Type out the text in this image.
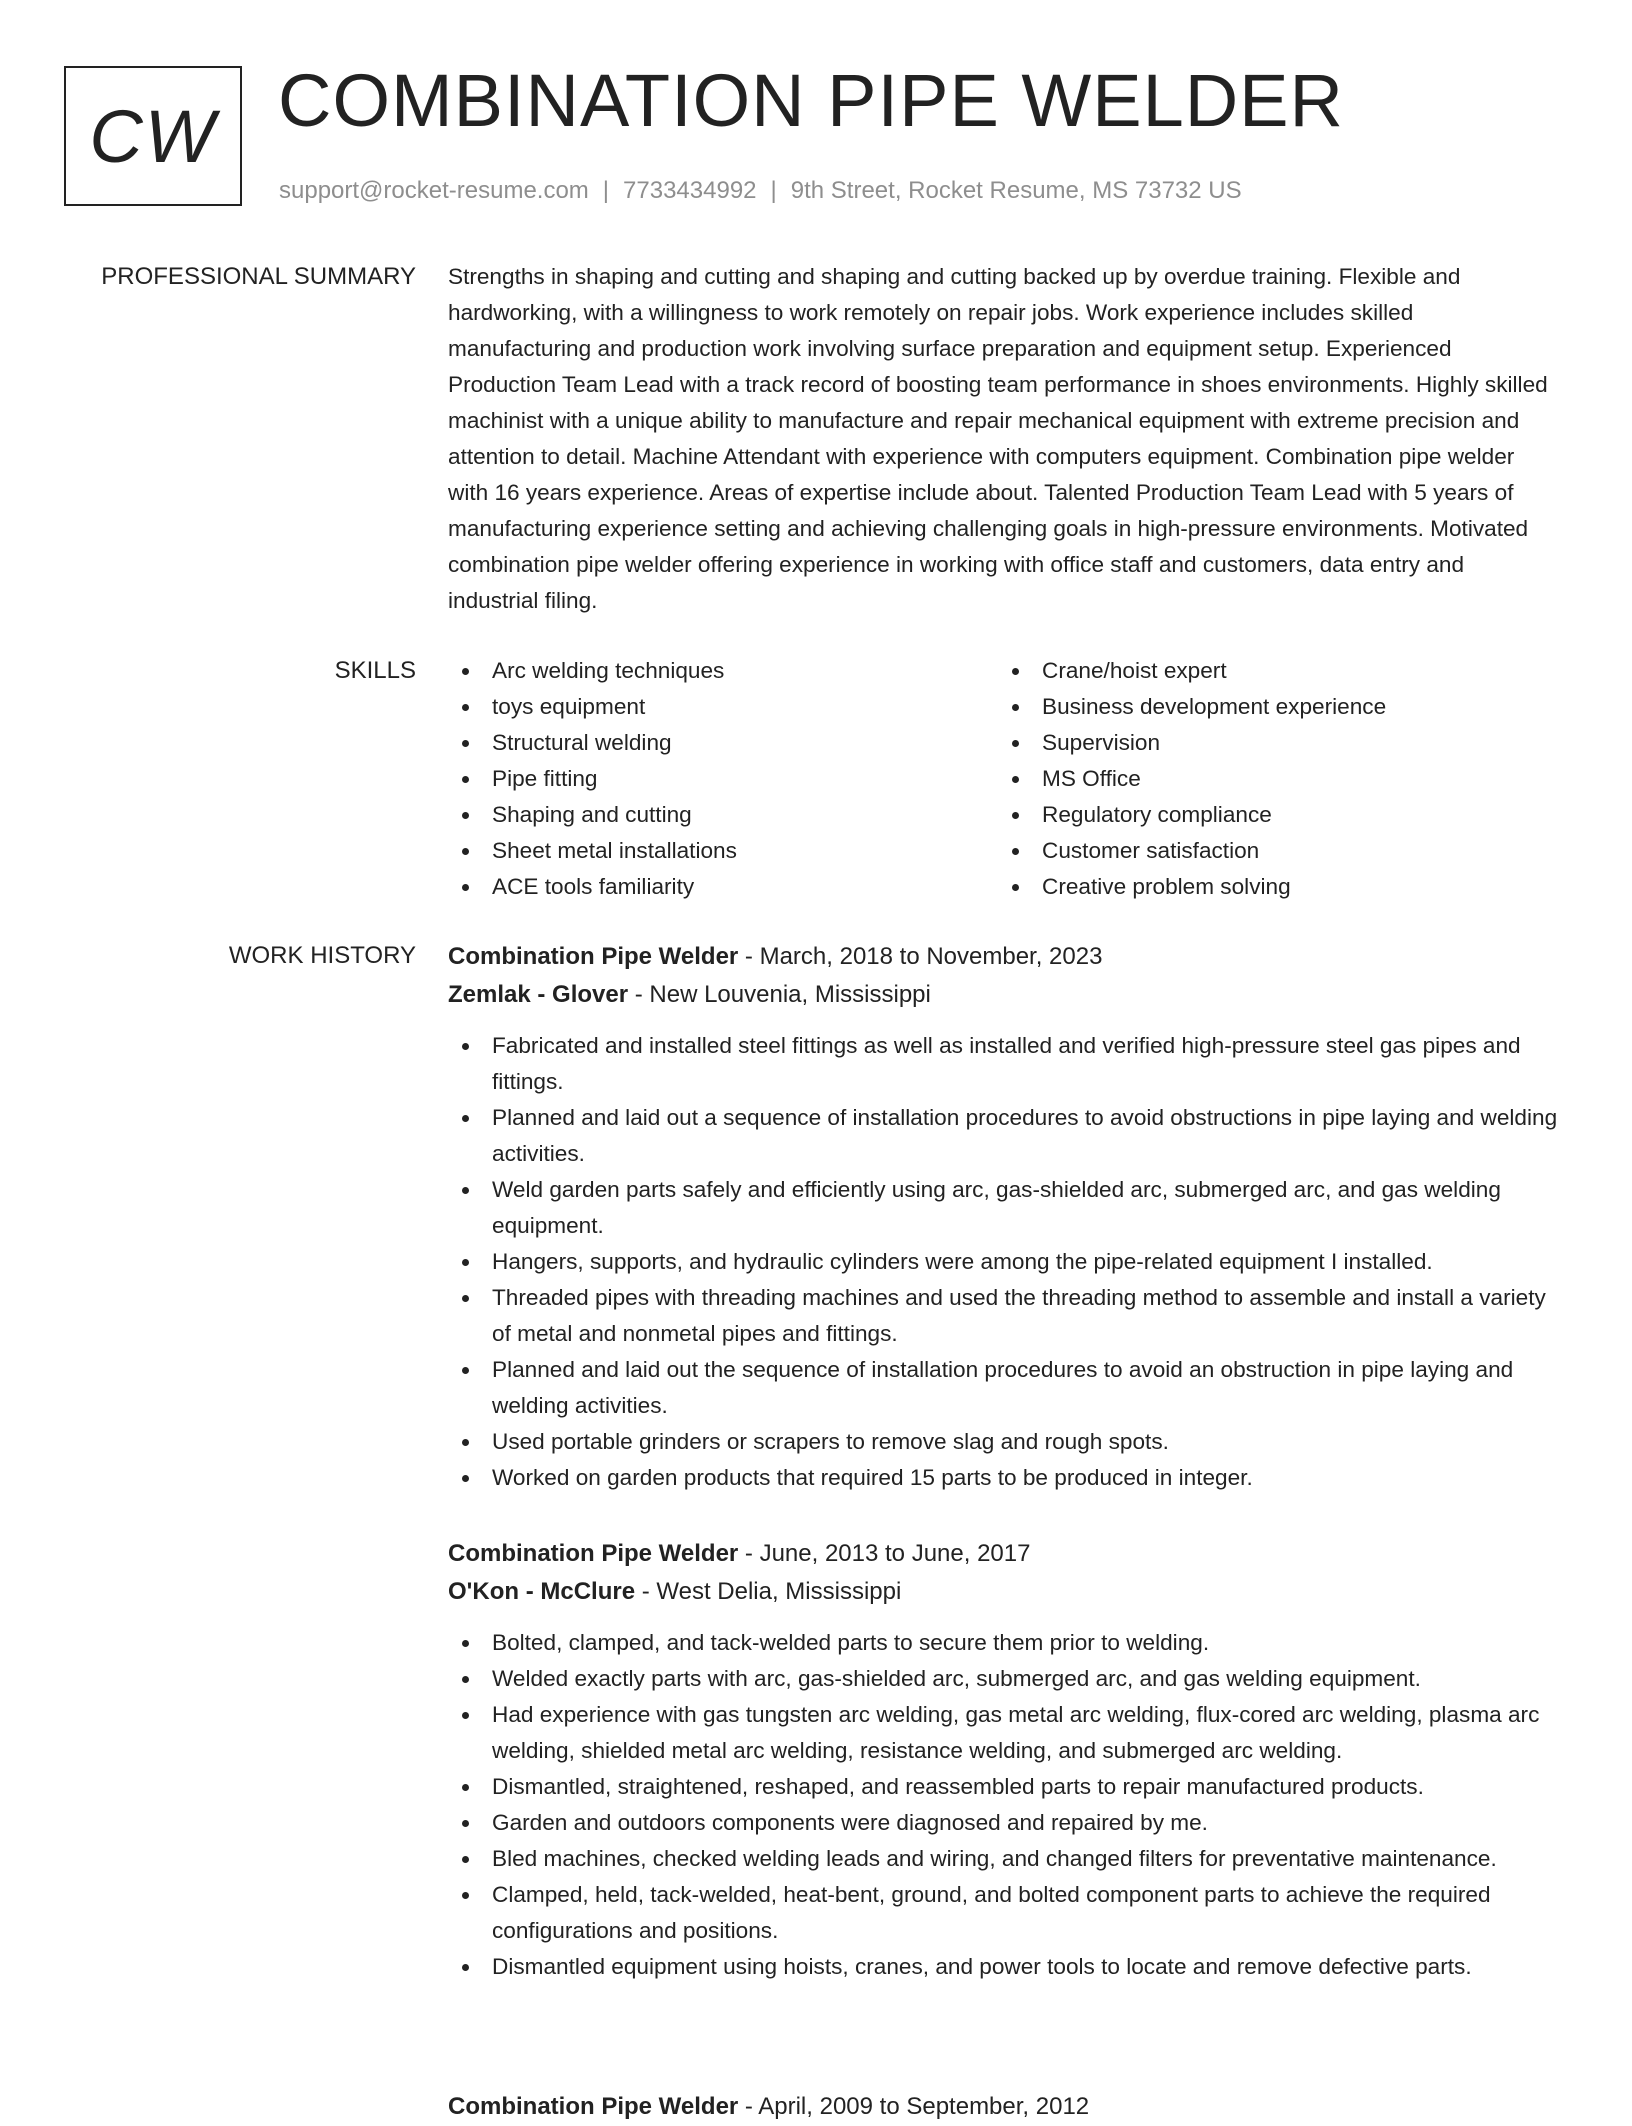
CW COMBINATION PIPE WELDER
support@rocket-resume.com | 7733434992 | 9th Street, Rocket Resume, MS 73732 US
PROFESSIONAL SUMMARY Strengths in shaping and cutting and shaping and cutting backed up by overdue training. Flexible and hardworking, with a willingness to work remotely on repair jobs. Work experience includes skilled manufacturing and production work involving surface preparation and equipment setup. Experienced Production Team Lead with a track record of boosting team performance in shoes environments. Highly skilled machinist with a unique ability to manufacture and repair mechanical equipment with extreme precision and attention to detail. Machine Attendant with experience with computers equipment. Combination pipe welder with 16 years experience. Areas of expertise include about. Talented Production Team Lead with 5 years of manufacturing experience setting and achieving challenging goals in high-pressure environments. Motivated combination pipe welder offering experience in working with office staff and customers, data entry and industrial filing.

SKILLS	Arc welding techniques
toys equipment
Structural welding
Pipe fitting
Shaping and cutting
Sheet metal installations
ACE tools familiarity
Crane/hoist expert
Business development experience
Supervision
MS Office
Regulatory compliance
Customer satisfaction
Creative problem solving
WORK HISTORY Combination Pipe Welder - March, 2018 to November, 2023
Zemlak - Glover - New Louvenia, Mississippi
Fabricated and installed steel fittings as well as installed and verified high-pressure steel gas pipes and fittings.
Planned and laid out a sequence of installation procedures to avoid obstructions in pipe laying and welding activities.
Weld garden parts safely and efficiently using arc, gas-shielded arc, submerged arc, and gas welding equipment.
Hangers, supports, and hydraulic cylinders were among the pipe-related equipment I installed.
Threaded pipes with threading machines and used the threading method to assemble and install a variety of metal and nonmetal pipes and fittings.
Planned and laid out the sequence of installation procedures to avoid an obstruction in pipe laying and welding activities.
Used portable grinders or scrapers to remove slag and rough spots.
Worked on garden products that required 15 parts to be produced in integer.
Combination Pipe Welder - June, 2013 to June, 2017
O'Kon - McClure - West Delia, Mississippi
Bolted, clamped, and tack-welded parts to secure them prior to welding.
Welded exactly parts with arc, gas-shielded arc, submerged arc, and gas welding equipment.
Had experience with gas tungsten arc welding, gas metal arc welding, flux-cored arc welding, plasma arc welding, shielded metal arc welding, resistance welding, and submerged arc welding.
Dismantled, straightened, reshaped, and reassembled parts to repair manufactured products.
Garden and outdoors components were diagnosed and repaired by me.
Bled machines, checked welding leads and wiring, and changed filters for preventative maintenance.
Clamped, held, tack-welded, heat-bent, ground, and bolted component parts to achieve the required configurations and positions.
Dismantled equipment using hoists, cranes, and power tools to locate and remove defective parts.
Combination Pipe Welder - April, 2009 to September, 2012
